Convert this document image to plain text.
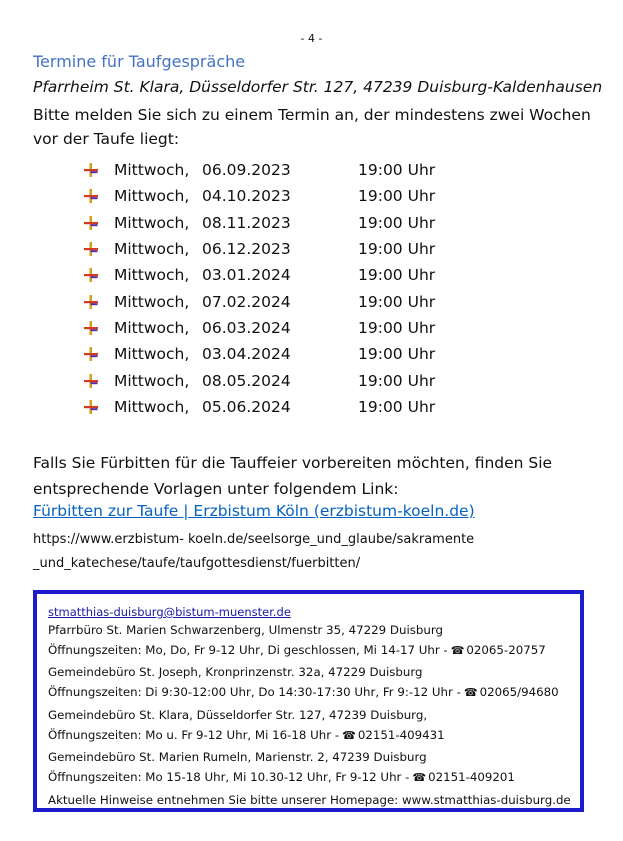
- 4 -
Termine für Taufgespräche
Pfarrheim St. Klara, Düsseldorfer Str. 127, 47239 Duisburg-Kaldenhausen
Bitte melden Sie sich zu einem Termin an, der mindestens zwei Wochen vor der Taufe liegt:
Mittwoch, 06.09.2023	19:00 Uhr
Mittwoch, 04.10.2023	19:00 Uhr
Mittwoch, 08.11.2023	19:00 Uhr
Mittwoch, 06.12.2023	19:00 Uhr
Mittwoch, 03.01.2024	19:00 Uhr
Mittwoch, 07.02.2024	19:00 Uhr
Mittwoch, 06.03.2024	19:00 Uhr
Mittwoch, 03.04.2024	19:00 Uhr
Mittwoch, 08.05.2024	19:00 Uhr
Mittwoch, 05.06.2024	19:00 Uhr
Falls Sie Fürbitten für die Tauffeier vorbereiten möchten, finden Sie entsprechende Vorlagen unter folgendem Link:
Fürbitten zur Taufe | Erzbistum Köln (erzbistum-koeln.de)
https://www.erzbistum- koeln.de/seelsorge_und_glaube/sakramente _und_katechese/taufe/taufgottesdienst/fuerbitten/
stmatthias-duisburg@bistum-muenster.de
Pfarrbüro St. Marien Schwarzenberg, Ulmenstr 35, 47229 Duisburg
Öffnungszeiten: Mo, Do, Fr 9-12 Uhr, Di geschlossen, Mi 14-17 Uhr - ☎ 02065-20757
Gemeindebüro St. Joseph, Kronprinzenstr. 32a, 47229 Duisburg
Öffnungszeiten: Di 9:30-12:00 Uhr, Do 14:30-17:30 Uhr, Fr 9:-12 Uhr - ☎ 02065/94680
Gemeindebüro St. Klara, Düsseldorfer Str. 127, 47239 Duisburg,
Öffnungszeiten: Mo u. Fr 9-12 Uhr, Mi 16-18 Uhr - ☎ 02151-409431
Gemeindebüro St. Marien Rumeln, Marienstr. 2, 47239 Duisburg
Öffnungszeiten: Mo 15-18 Uhr, Mi 10.30-12 Uhr, Fr 9-12 Uhr - ☎ 02151-409201
Aktuelle Hinweise entnehmen Sie bitte unserer Homepage: www.stmatthias-duisburg.de
